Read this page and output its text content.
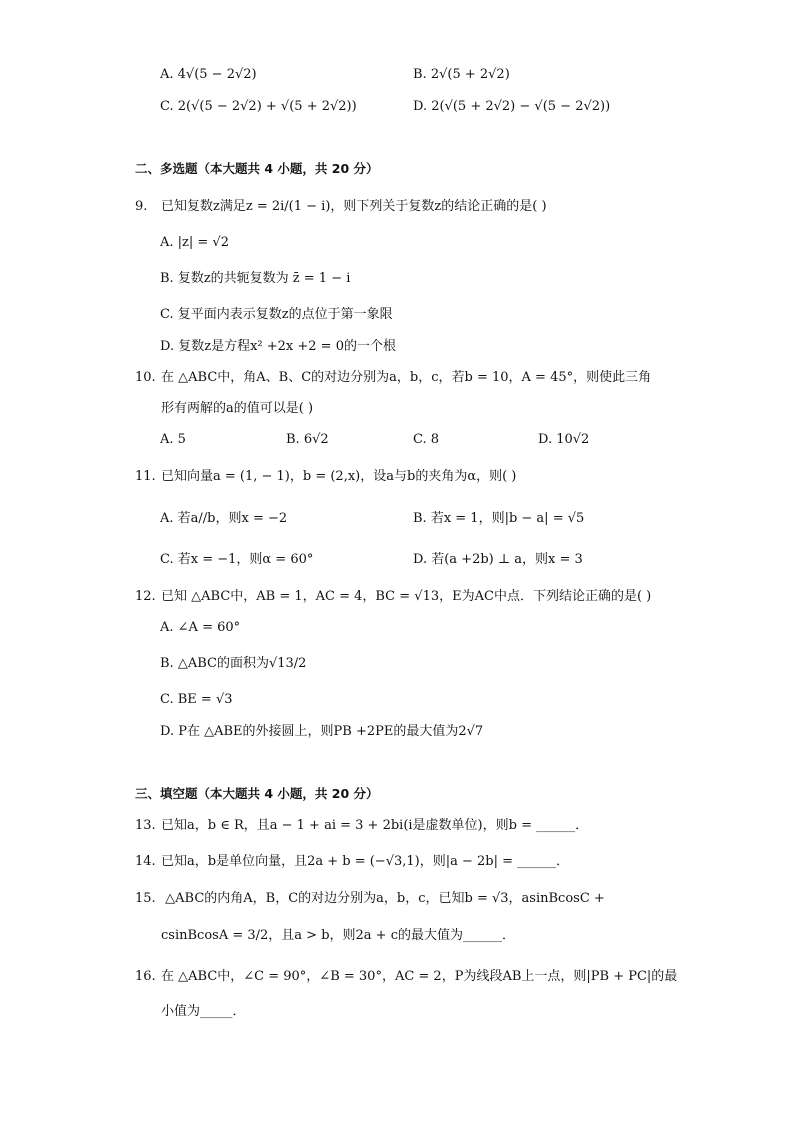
A. 4√(5 − 2√2)	B. 2√(5 + 2√2)
C. 2(√(5 − 2√2) + √(5 + 2√2))	D. 2(√(5 + 2√2) − √(5 − 2√2))
二、多选题（本大题共 4 小题，共 20 分）
9. 已知复数z满足z = 2i/(1 − i)，则下列关于复数z的结论正确的是( )
A. |z| = √2
B. 复数z的共轭复数为 z̄ = 1 − i
C. 复平面内表示复数z的点位于第一象限
D. 复数z是方程x² +2x +2 = 0的一个根
10. 在 △ABC中，角A、B、C的对边分别为a，b，c，若b = 10，A = 45°，则使此三角
形有两解的a的值可以是( )
A. 5	B. 6√2	C. 8	D. 10√2
11. 已知向量a = (1, − 1)，b = (2,x)，设a与b的夹角为α，则( )
A. 若a//b，则x = −2	B. 若x = 1，则|b − a| = √5
C. 若x = −1，则α = 60°	D. 若(a +2b) ⊥ a，则x = 3
12. 已知 △ABC中，AB = 1，AC = 4，BC = √13，E为AC中点．下列结论正确的是( )
A. ∠A = 60°
B. △ABC的面积为√13/2
C. BE = √3
D. P在 △ABE的外接圆上，则PB +2PE的最大值为2√7
三、填空题（本大题共 4 小题，共 20 分）
13. 已知a，b ∈ R，且a − 1 + ai = 3 + 2bi(i是虚数单位)，则b = ______．
14. 已知a，b是单位向量，且2a + b = (−√3,1)，则|a − 2b| = ______．
15. △ABC的内角A，B，C的对边分别为a，b，c，已知b = √3，asinBcosC +
csinBcosA = 3/2，且a > b，则2a + c的最大值为______．
16. 在 △ABC中，∠C = 90°，∠B = 30°，AC = 2，P为线段AB上一点，则|PB + PC|的最
小值为_____．
